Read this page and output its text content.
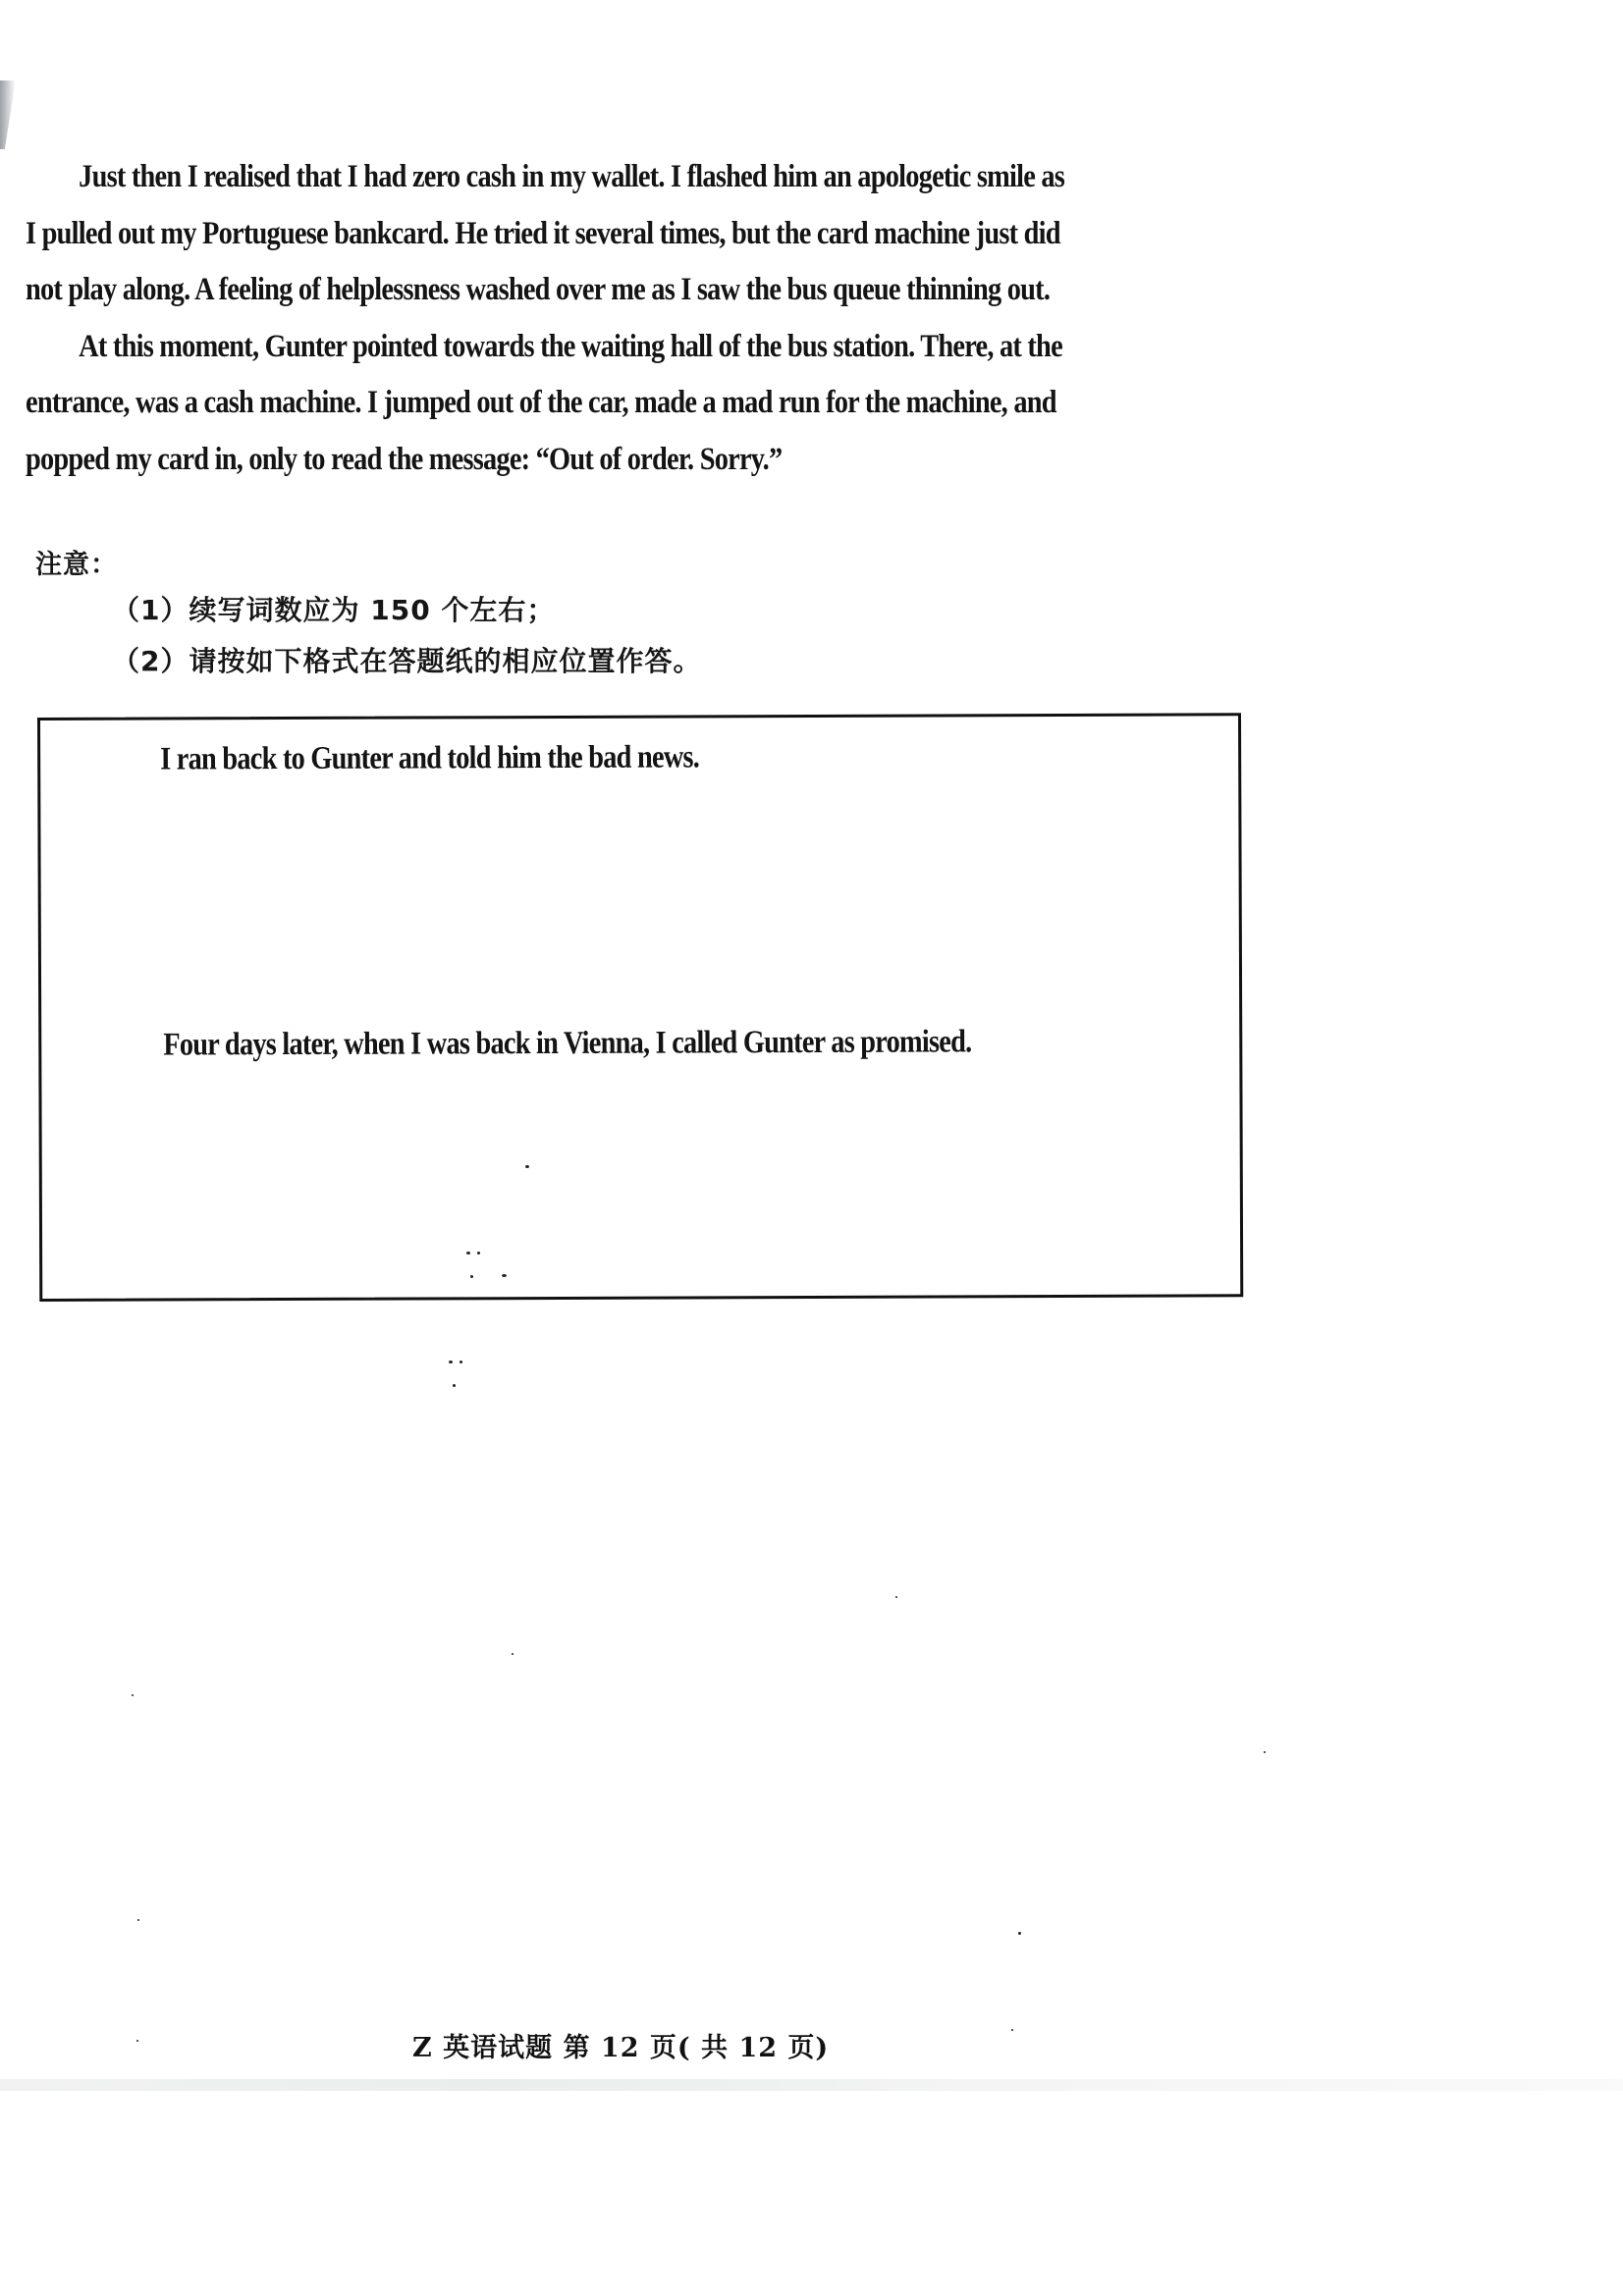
Just then I realised that I had zero cash in my wallet. I flashed him an apologetic smile as
I pulled out my Portuguese bankcard. He tried it several times, but the card machine just did
not play along. A feeling of helplessness washed over me as I saw the bus queue thinning out.

At this moment, Gunter pointed towards the waiting hall of the bus station. There, at the
entrance, was a cash machine. I jumped out of the car, made a mad run for the machine, and
popped my card in, only to read the message: “Out of order. Sorry.”

注意：
（1）续写词数应为 150 个左右；
（2）请按如下格式在答题纸的相应位置作答。
I ran back to Gunter and told him the bad news.
Four days later, when I was back in Vienna, I called Gunter as promised.
Z 英语试题 第 12 页( 共 12 页)
